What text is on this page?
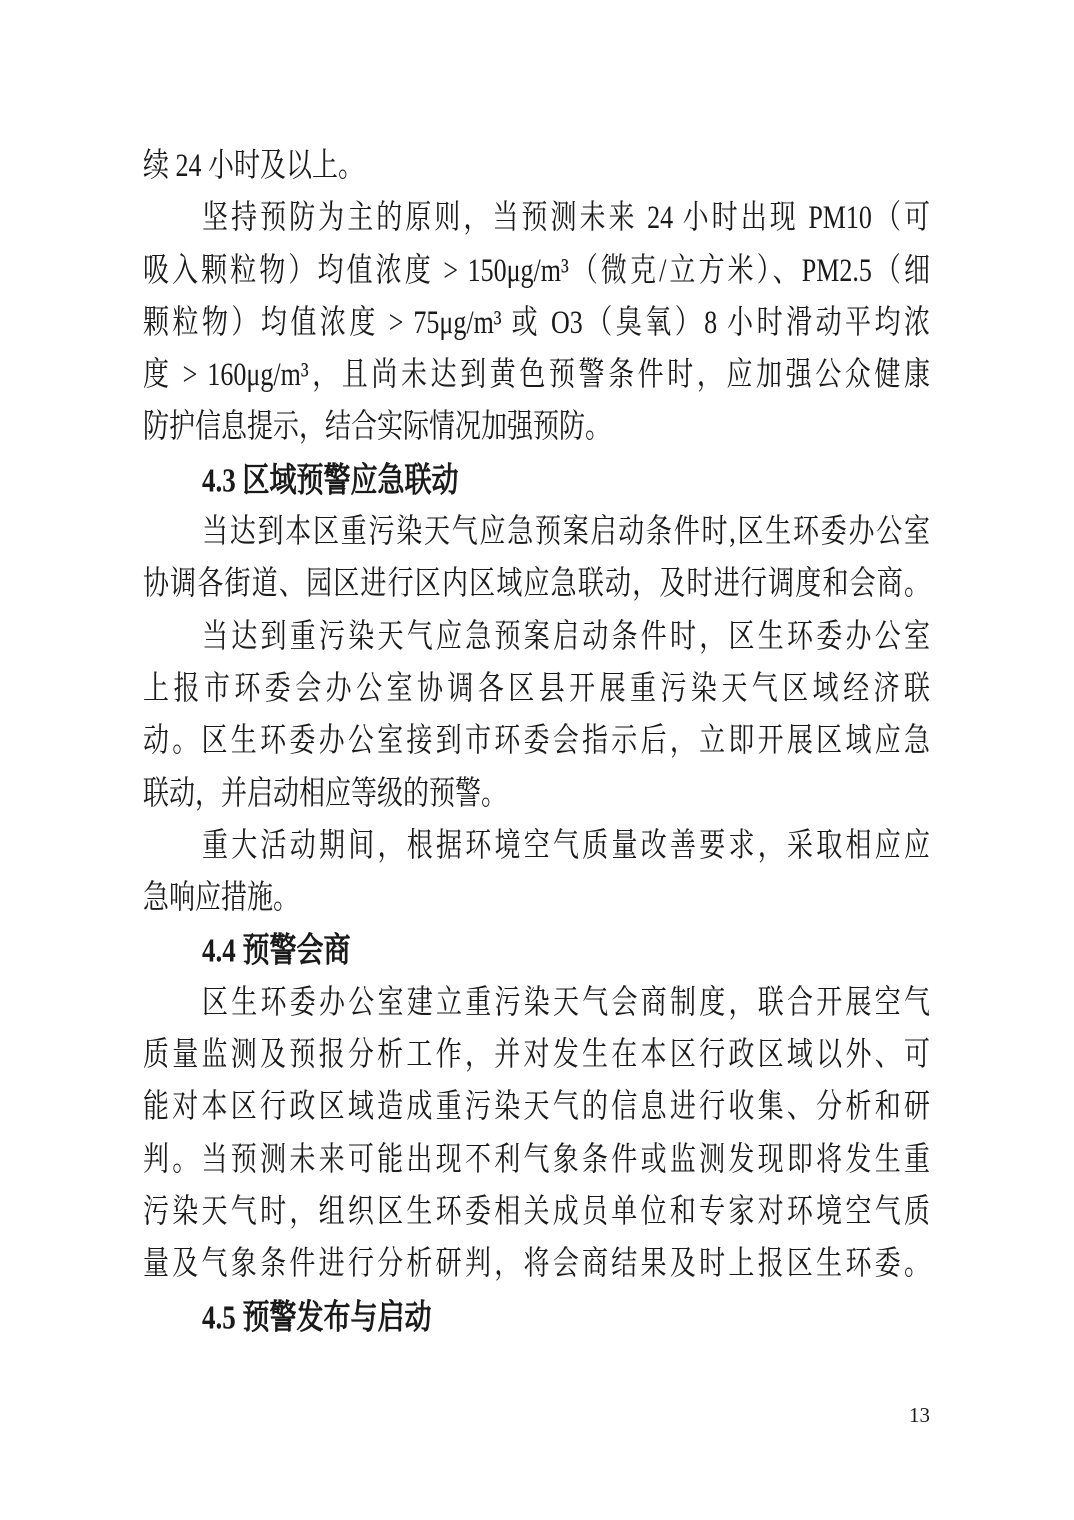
续 24 小时及以上。
坚持预防为主的原则，当预测未来 24 小时出现 PM10（可
吸入颗粒物）均值浓度 > 150μg/m³（微克/立方米）、PM2.5（细
颗粒物）均值浓度 > 75μg/m³ 或 O3（臭氧）8 小时滑动平均浓
度 > 160μg/m³，且尚未达到黄色预警条件时，应加强公众健康
防护信息提示，结合实际情况加强预防。
4.3 区域预警应急联动
当达到本区重污染天气应急预案启动条件时,区生环委办公室
协调各街道、园区进行区内区域应急联动，及时进行调度和会商。
当达到重污染天气应急预案启动条件时，区生环委办公室
上报市环委会办公室协调各区县开展重污染天气区域经济联
动。区生环委办公室接到市环委会指示后，立即开展区域应急
联动，并启动相应等级的预警。
重大活动期间，根据环境空气质量改善要求，采取相应应
急响应措施。
4.4 预警会商
区生环委办公室建立重污染天气会商制度，联合开展空气
质量监测及预报分析工作，并对发生在本区行政区域以外、可
能对本区行政区域造成重污染天气的信息进行收集、分析和研
判。当预测未来可能出现不利气象条件或监测发现即将发生重
污染天气时，组织区生环委相关成员单位和专家对环境空气质
量及气象条件进行分析研判，将会商结果及时上报区生环委。
4.5 预警发布与启动
13
